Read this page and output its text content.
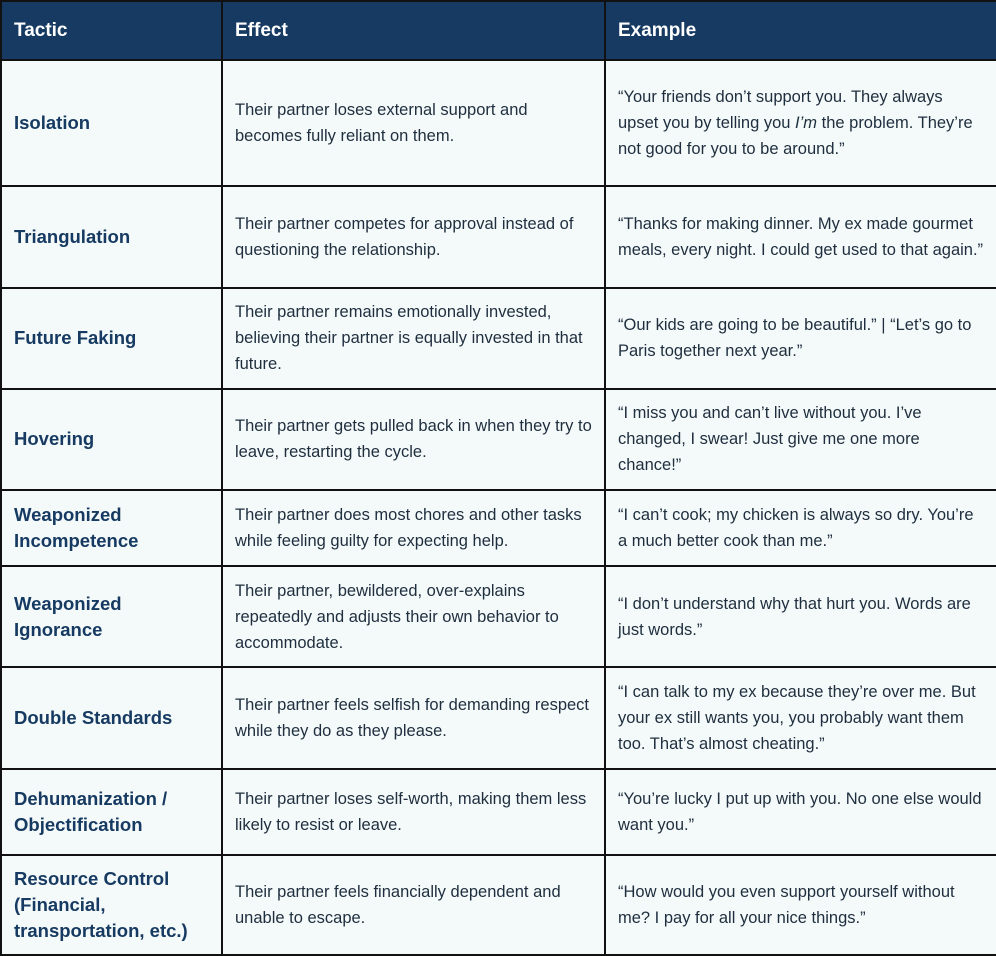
Tactic	Effect	Example
Isolation	Their partner loses external support and becomes fully reliant on them.	“Your friends don’t support you. They always upset you by telling you I’m the problem. They’re not good for you to be around.”
Triangulation	Their partner competes for approval instead of questioning the relationship.	“Thanks for making dinner. My ex made gourmet meals, every night. I could get used to that again.”
Future Faking	Their partner remains emotionally invested, believing their partner is equally invested in that future.	“Our kids are going to be beautiful.” | “Let’s go to Paris together next year.”
Hovering	Their partner gets pulled back in when they try to leave, restarting the cycle.	“I miss you and can’t live without you. I’ve changed, I swear! Just give me one more chance!”
Weaponized Incompetence	Their partner does most chores and other tasks while feeling guilty for expecting help.	“I can’t cook; my chicken is always so dry. You’re a much better cook than me.”
Weaponized Ignorance	Their partner, bewildered, over-explains repeatedly and adjusts their own behavior to accommodate.	“I don’t understand why that hurt you. Words are just words.”
Double Standards	Their partner feels selfish for demanding respect while they do as they please.	“I can talk to my ex because they’re over me. But your ex still wants you, you probably want them too. That’s almost cheating.”
Dehumanization / Objectification	Their partner loses self-worth, making them less likely to resist or leave.	“You’re lucky I put up with you. No one else would want you.”
Resource Control (Financial, transportation, etc.)	Their partner feels financially dependent and unable to escape.	“How would you even support yourself without me? I pay for all your nice things.”
